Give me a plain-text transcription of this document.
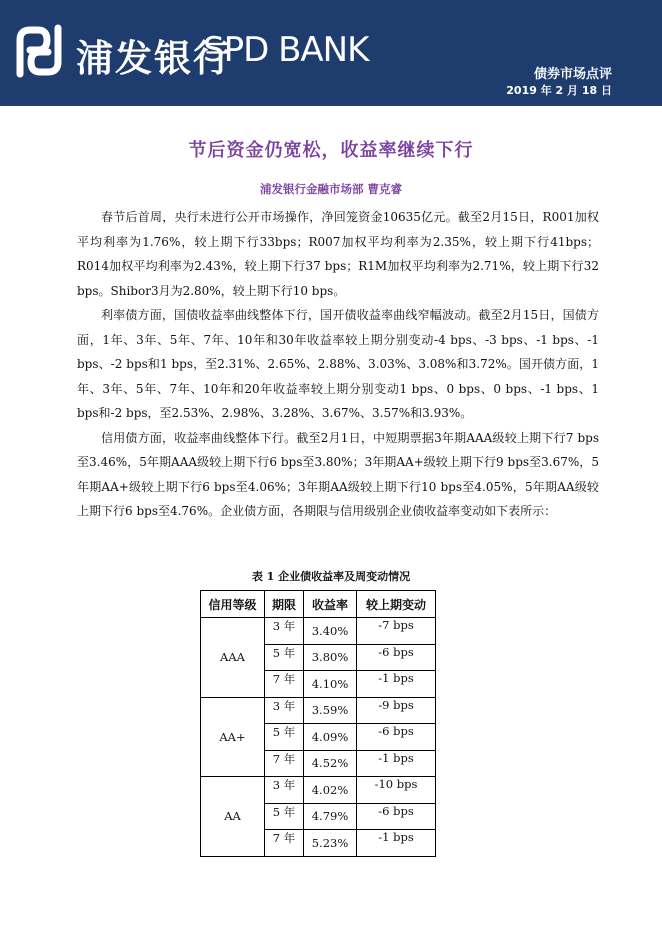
浦发银行
SPD BANK
债券市场点评
2019 年 2 月 18 日
节后资金仍宽松，收益率继续下行
浦发银行金融市场部 曹克睿

春节后首周，央行未进行公开市场操作，净回笼资金10635亿元。截至2月15日，R001加权平均利率为1.76%，较上期下行33bps；R007加权平均利率为2.35%，较上期下行41bps；R014加权平均利率为2.43%，较上期下行37 bps；R1M加权平均利率为2.71%，较上期下行32 bps。Shibor3月为2.80%，较上期下行10 bps。

利率债方面，国债收益率曲线整体下行，国开债收益率曲线窄幅波动。截至2月15日，国债方面，1年、3年、5年、7年、10年和30年收益率较上期分别变动-4 bps、-3 bps、-1 bps、-1 bps、-2 bps和1 bps，至2.31%、2.65%、2.88%、3.03%、3.08%和3.72%。国开债方面，1年、3年、5年、7年、10年和20年收益率较上期分别变动1 bps、0 bps、0 bps、-1 bps、1 bps和-2 bps，至2.53%、2.98%、3.28%、3.67%、3.57%和3.93%。

信用债方面，收益率曲线整体下行。截至2月1日，中短期票据3年期AAA级较上期下行7 bps至3.46%，5年期AAA级较上期下行6 bps至3.80%；3年期AA+级较上期下行9 bps至3.67%，5年期AA+级较上期下行6 bps至4.06%；3年期AA级较上期下行10 bps至4.05%，5年期AA级较上期下行6 bps至4.76%。企业债方面，各期限与信用级别企业债收益率变动如下表所示：

表 1 企业债收益率及周变动情况
信用等级	期限	收益率	较上期变动
AAA	3 年	3.40%	-7 bps
	5 年	3.80%	-6 bps
	7 年	4.10%	-1 bps
AA+	3 年	3.59%	-9 bps
	5 年	4.09%	-6 bps
	7 年	4.52%	-1 bps
AA	3 年	4.02%	-10 bps
	5 年	4.79%	-6 bps
	7 年	5.23%	-1 bps
